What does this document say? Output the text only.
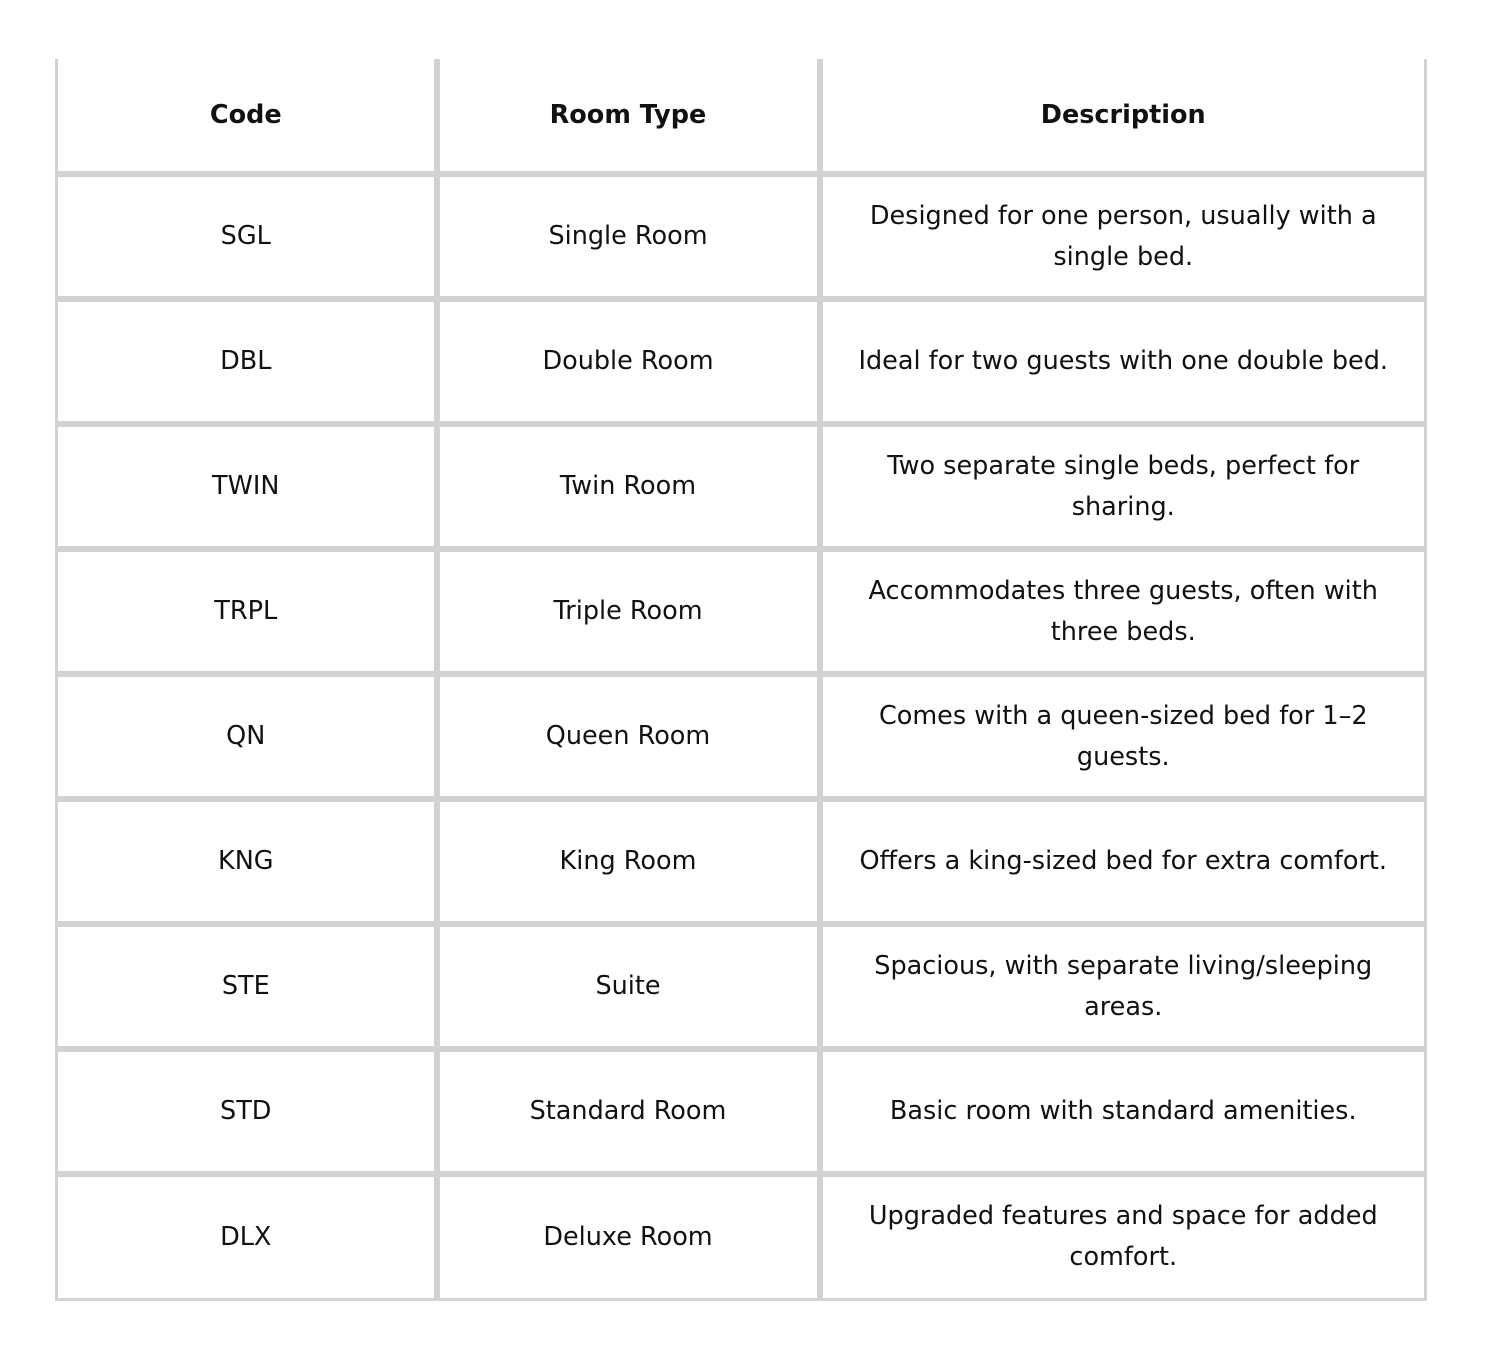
Code	Room Type	Description
SGL	Single Room	Designed for one person, usually with a single bed.
DBL	Double Room	Ideal for two guests with one double bed.
TWIN	Twin Room	Two separate single beds, perfect for sharing.
TRPL	Triple Room	Accommodates three guests, often with three beds.
QN	Queen Room	Comes with a queen-sized bed for 1–2 guests.
KNG	King Room	Offers a king-sized bed for extra comfort.
STE	Suite	Spacious, with separate living/sleeping areas.
STD	Standard Room	Basic room with standard amenities.
DLX	Deluxe Room	Upgraded features and space for added comfort.
